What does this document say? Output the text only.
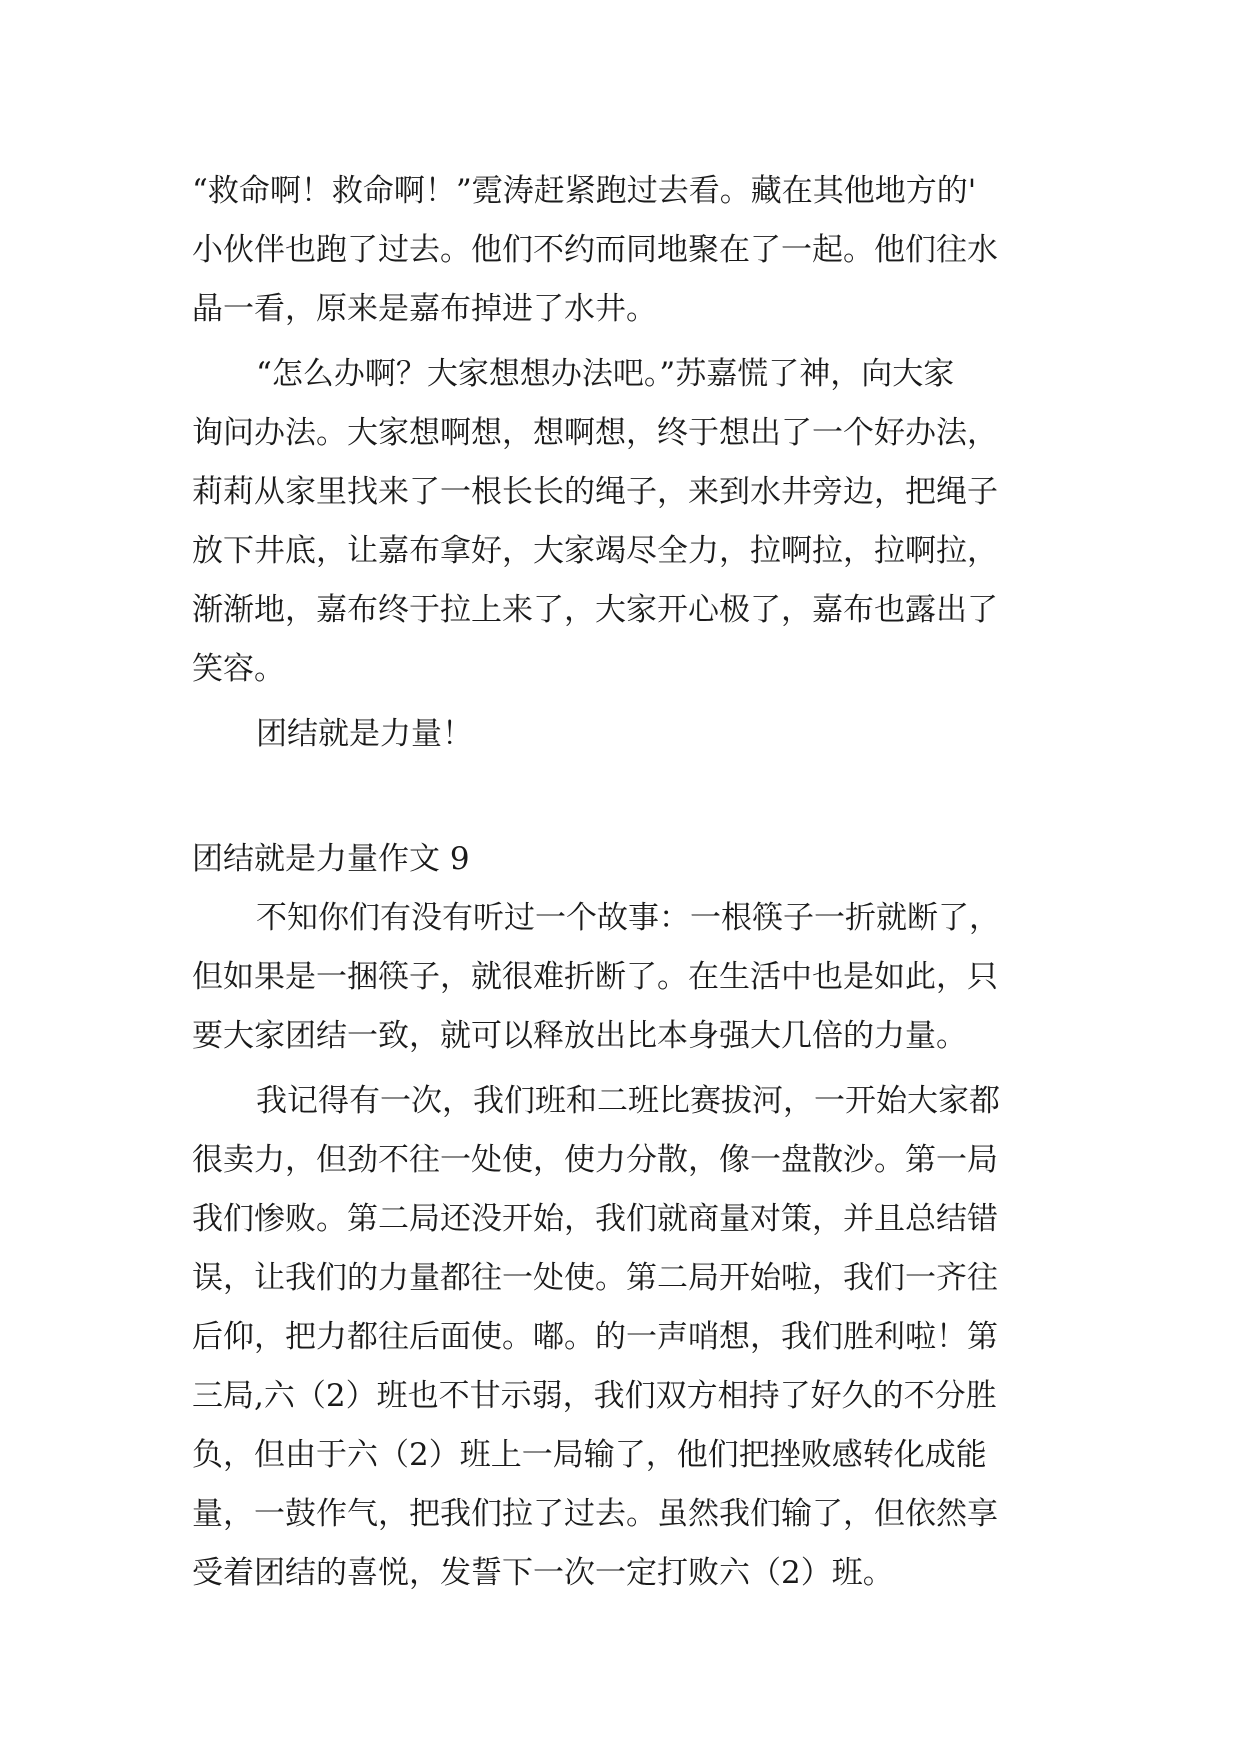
“救命啊！救命啊！”霓涛赶紧跑过去看。藏在其他地方的'
小伙伴也跑了过去。他们不约而同地聚在了一起。他们往水
晶一看，原来是嘉布掉进了水井。
“怎么办啊？大家想想办法吧。”苏嘉慌了神，向大家
询问办法。大家想啊想，想啊想，终于想出了一个好办法，
莉莉从家里找来了一根长长的绳子，来到水井旁边，把绳子
放下井底，让嘉布拿好，大家竭尽全力，拉啊拉，拉啊拉，
渐渐地，嘉布终于拉上来了，大家开心极了，嘉布也露出了
笑容。
团结就是力量！
团结就是力量作文 9
不知你们有没有听过一个故事：一根筷子一折就断了，
但如果是一捆筷子，就很难折断了。在生活中也是如此，只
要大家团结一致，就可以释放出比本身强大几倍的力量。
我记得有一次，我们班和二班比赛拔河，一开始大家都
很卖力，但劲不往一处使，使力分散，像一盘散沙。第一局
我们惨败。第二局还没开始，我们就商量对策，并且总结错
误，让我们的力量都往一处使。第二局开始啦，我们一齐往
后仰，把力都往后面使。嘟。的一声哨想，我们胜利啦！第
三局,六（2）班也不甘示弱，我们双方相持了好久的不分胜
负，但由于六（2）班上一局输了，他们把挫败感转化成能
量，一鼓作气，把我们拉了过去。虽然我们输了，但依然享
受着团结的喜悦，发誓下一次一定打败六（2）班。
